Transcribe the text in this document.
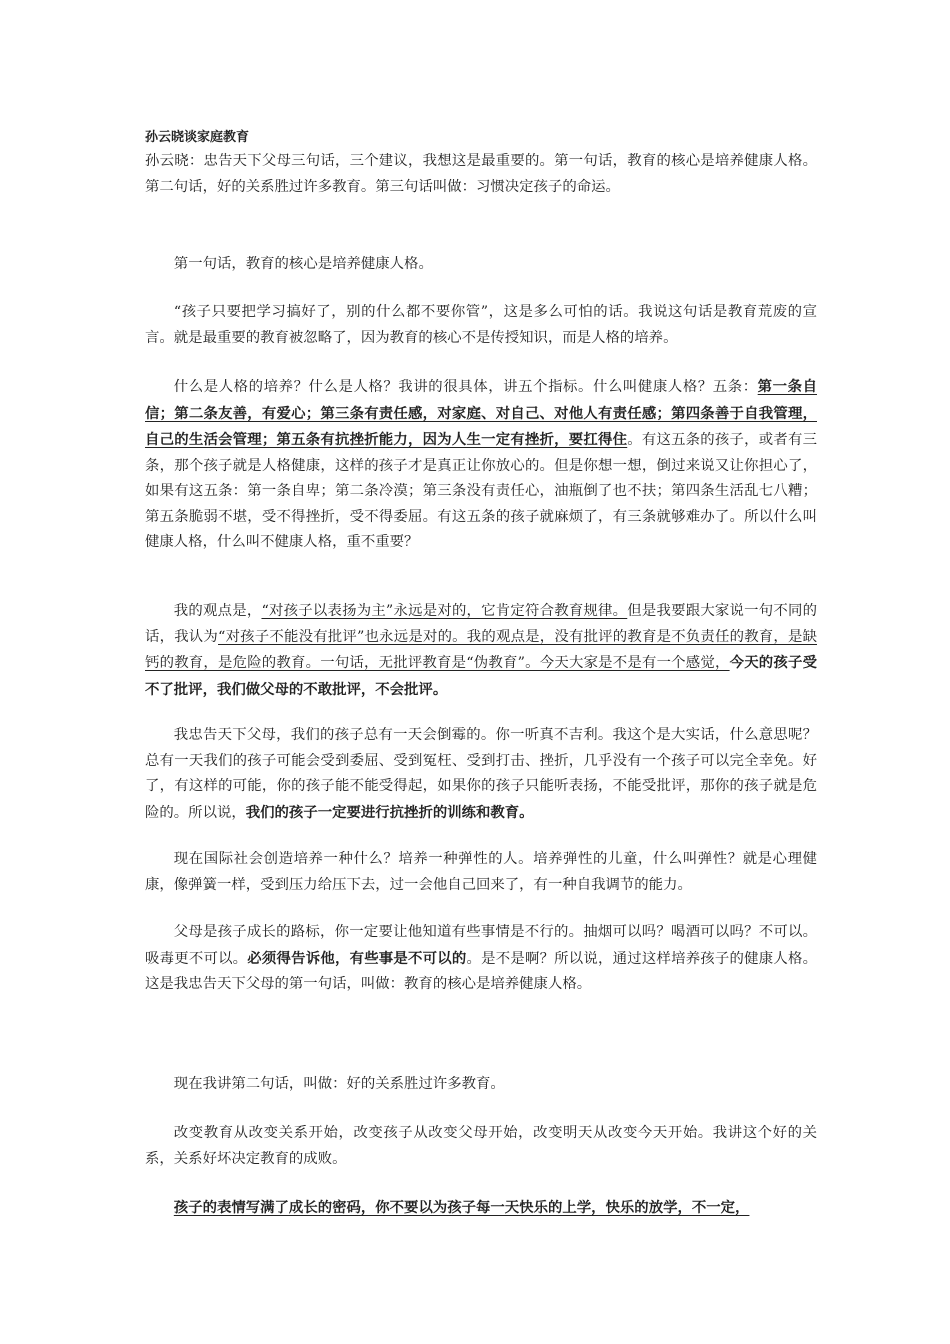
孙云晓谈家庭教育

孙云晓：忠告天下父母三句话，三个建议，我想这是最重要的。第一句话，教育的核心是培养健康人格。第二句话，好的关系胜过许多教育。第三句话叫做：习惯决定孩子的命运。

第一句话，教育的核心是培养健康人格。

“孩子只要把学习搞好了，别的什么都不要你管”，这是多么可怕的话。我说这句话是教育荒废的宣言。就是最重要的教育被忽略了，因为教育的核心不是传授知识，而是人格的培养。

什么是人格的培养？什么是人格？我讲的很具体，讲五个指标。什么叫健康人格？五条：第一条自信；第二条友善，有爱心；第三条有责任感，对家庭、对自己、对他人有责任感；第四条善于自我管理，自己的生活会管理；第五条有抗挫折能力，因为人生一定有挫折，要扛得住。有这五条的孩子，或者有三条，那个孩子就是人格健康，这样的孩子才是真正让你放心的。但是你想一想，倒过来说又让你担心了，如果有这五条：第一条自卑；第二条冷漠；第三条没有责任心，油瓶倒了也不扶；第四条生活乱七八糟；第五条脆弱不堪，受不得挫折，受不得委屈。有这五条的孩子就麻烦了，有三条就够难办了。所以什么叫健康人格，什么叫不健康人格，重不重要？

我的观点是，“对孩子以表扬为主”永远是对的，它肯定符合教育规律。但是我要跟大家说一句不同的话，我认为“对孩子不能没有批评”也永远是对的。我的观点是，没有批评的教育是不负责任的教育，是缺钙的教育，是危险的教育。一句话，无批评教育是“伪教育”。今天大家是不是有一个感觉，今天的孩子受不了批评，我们做父母的不敢批评，不会批评。

我忠告天下父母，我们的孩子总有一天会倒霉的。你一听真不吉利。我这个是大实话，什么意思呢？总有一天我们的孩子可能会受到委屈、受到冤枉、受到打击、挫折，几乎没有一个孩子可以完全幸免。好了，有这样的可能，你的孩子能不能受得起，如果你的孩子只能听表扬，不能受批评，那你的孩子就是危险的。所以说，我们的孩子一定要进行抗挫折的训练和教育。

现在国际社会创造培养一种什么？培养一种弹性的人。培养弹性的儿童，什么叫弹性？就是心理健康，像弹簧一样，受到压力给压下去，过一会他自己回来了，有一种自我调节的能力。

父母是孩子成长的路标，你一定要让他知道有些事情是不行的。抽烟可以吗？喝酒可以吗？不可以。吸毒更不可以。必须得告诉他，有些事是不可以的。是不是啊？所以说，通过这样培养孩子的健康人格。这是我忠告天下父母的第一句话，叫做：教育的核心是培养健康人格。

现在我讲第二句话，叫做：好的关系胜过许多教育。

改变教育从改变关系开始，改变孩子从改变父母开始，改变明天从改变今天开始。我讲这个好的关系，关系好坏决定教育的成败。

孩子的表情写满了成长的密码，你不要以为孩子每一天快乐的上学，快乐的放学，不一定，
